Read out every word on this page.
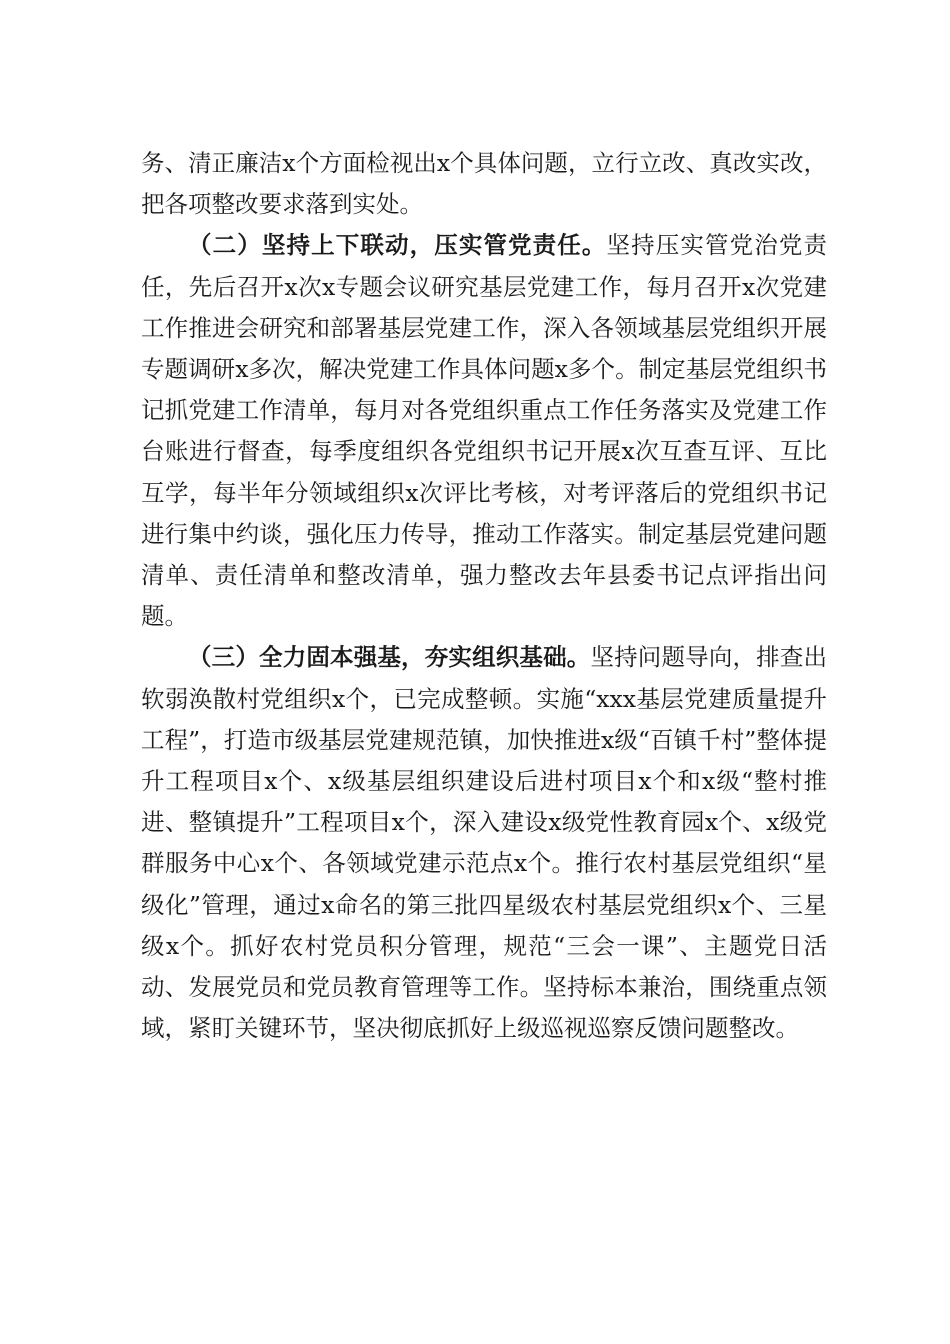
务、清正廉洁x个方面检视出x个具体问题，立行立改、真改实改，把各项整改要求落到实处。

（二）坚持上下联动，压实管党责任。坚持压实管党治党责任，先后召开x次x专题会议研究基层党建工作，每月召开x次党建工作推进会研究和部署基层党建工作，深入各领域基层党组织开展专题调研x多次，解决党建工作具体问题x多个。制定基层党组织书记抓党建工作清单，每月对各党组织重点工作任务落实及党建工作台账进行督查，每季度组织各党组织书记开展x次互查互评、互比互学，每半年分领域组织x次评比考核，对考评落后的党组织书记进行集中约谈，强化压力传导，推动工作落实。制定基层党建问题清单、责任清单和整改清单，强力整改去年县委书记点评指出问题。

（三）全力固本强基，夯实组织基础。坚持问题导向，排查出软弱涣散村党组织x个，已完成整顿。实施“xxx基层党建质量提升工程”，打造市级基层党建规范镇，加快推进x级“百镇千村”整体提升工程项目x个、x级基层组织建设后进村项目x个和x级“整村推进、整镇提升”工程项目x个，深入建设x级党性教育园x个、x级党群服务中心x个、各领域党建示范点x个。推行农村基层党组织“星级化”管理，通过x命名的第三批四星级农村基层党组织x个、三星级x个。抓好农村党员积分管理，规范“三会一课”、主题党日活动、发展党员和党员教育管理等工作。坚持标本兼治，围绕重点领域，紧盯关键环节，坚决彻底抓好上级巡视巡察反馈问题整改。
